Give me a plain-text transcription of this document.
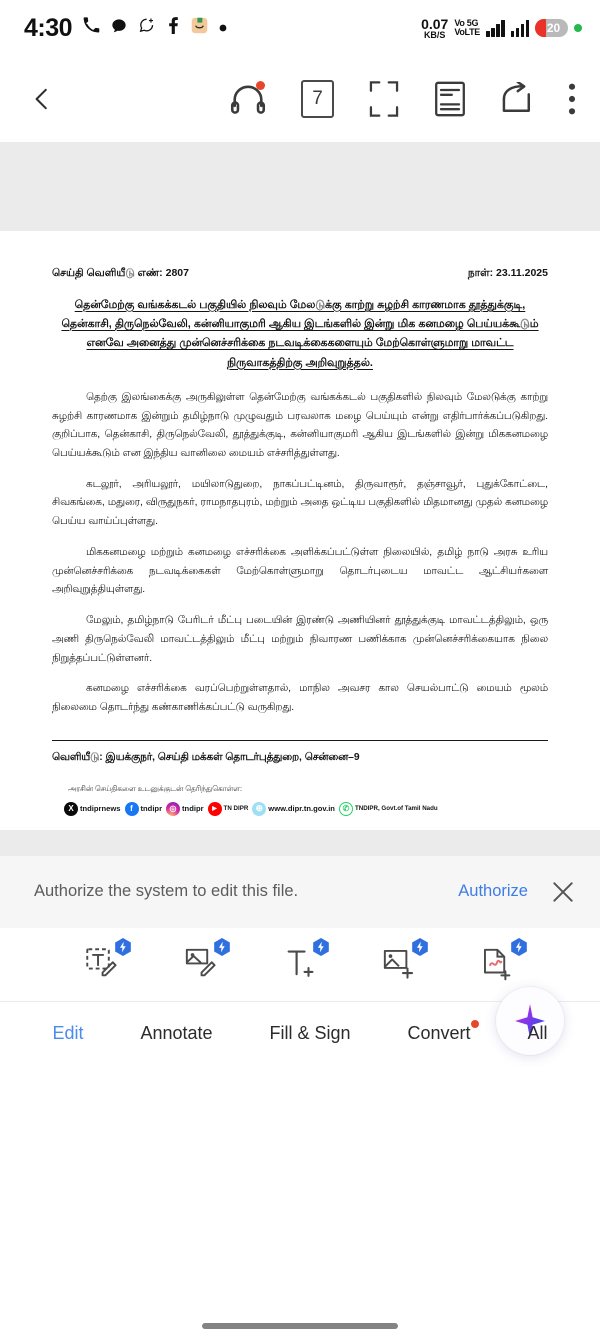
4:30	0.07
KB/S
Vo 5G
VoLTE	20
7
செய்தி வெளியீடு எண்: 2807	நாள்: 23.11.2025
தென்மேற்கு வங்கக்கடல் பகுதியில் நிலவும் மேலடுக்கு காற்று சுழற்சி காரணமாக தூத்துக்குடி, தென்காசி, திருநெல்வேலி, கன்னியாகுமரி ஆகிய இடங்களில் இன்று மிக கனமழை பெய்யக்கூடும் எனவே அனைத்து முன்னெச்சரிக்கை நடவடிக்கைகளையும் மேற்கொள்ளுமாறு மாவட்ட நிருவாகத்திற்கு அறிவுறுத்தல்.

தெற்கு இலங்கைக்கு அருகிலுள்ள தென்மேற்கு வங்கக்கடல் பகுதிகளில் நிலவும் மேலடுக்கு காற்று சுழற்சி காரணமாக இன்றும் தமிழ்நாடு முழுவதும் பரவலாக மழை பெய்யும் என்று எதிர்பார்க்கப்படுகிறது. குறிப்பாக, தென்காசி, திருநெல்வேலி, தூத்துக்குடி, கன்னியாகுமரி ஆகிய இடங்களில் இன்று மிககனமழை பெய்யக்கூடும் என இந்திய வானிலை மையம் எச்சரித்துள்ளது.

கடலூர், அரியலூர், மயிலாடுதுறை, நாகப்பட்டினம், திருவாரூர், தஞ்சாவூர், புதுக்கோட்டை, சிவகங்கை, மதுரை, விருதுநகர், ராமநாதபுரம், மற்றும் அதை ஒட்டிய பகுதிகளில் மிதமானது முதல் கனமழை பெய்ய வாய்ப்புள்ளது.

மிககனமழை மற்றும் கனமழை எச்சரிக்கை அளிக்கப்பட்டுள்ள நிலையில், தமிழ் நாடு அரசு உரிய முன்னெச்சரிக்கை நடவடிக்கைகள் மேற்கொள்ளுமாறு தொடர்புடைய மாவட்ட ஆட்சியர்களை அறிவுறுத்தியுள்ளது.

மேலும், தமிழ்நாடு பேரிடர் மீட்பு படையின் இரண்டு அணியினர் தூத்துக்குடி மாவட்டத்திலும், ஒரு அணி திருநெல்வேலி மாவட்டத்திலும் மீட்பு மற்றும் நிவாரண பணிக்காக முன்னெச்சரிக்கையாக நிலை நிறுத்தப்பட்டுள்ளனர்.

கனமழை எச்சரிக்கை வரப்பெற்றுள்ளதால், மாநில அவசர கால செயல்பாட்டு மையம் மூலம் நிலைமை தொடர்ந்து கண்காணிக்கப்பட்டு வருகிறது.

வெளியீடு: இயக்குநர், செய்தி மக்கள் தொடர்புத்துறை, சென்னை–9
அரசின் செய்திகளை உடனுக்குடன் தெரிந்துகொள்ள:
X tndiprnews	f	tndipr ◎ tndipr	▶	TN DIPR ⊕ www.dipr.tn.gov.in ✆ TNDIPR, Govt.of Tamil Nadu
Authorize the system to edit this file.	Authorize
Edit	Annotate	Fill & Sign	Convert	All
